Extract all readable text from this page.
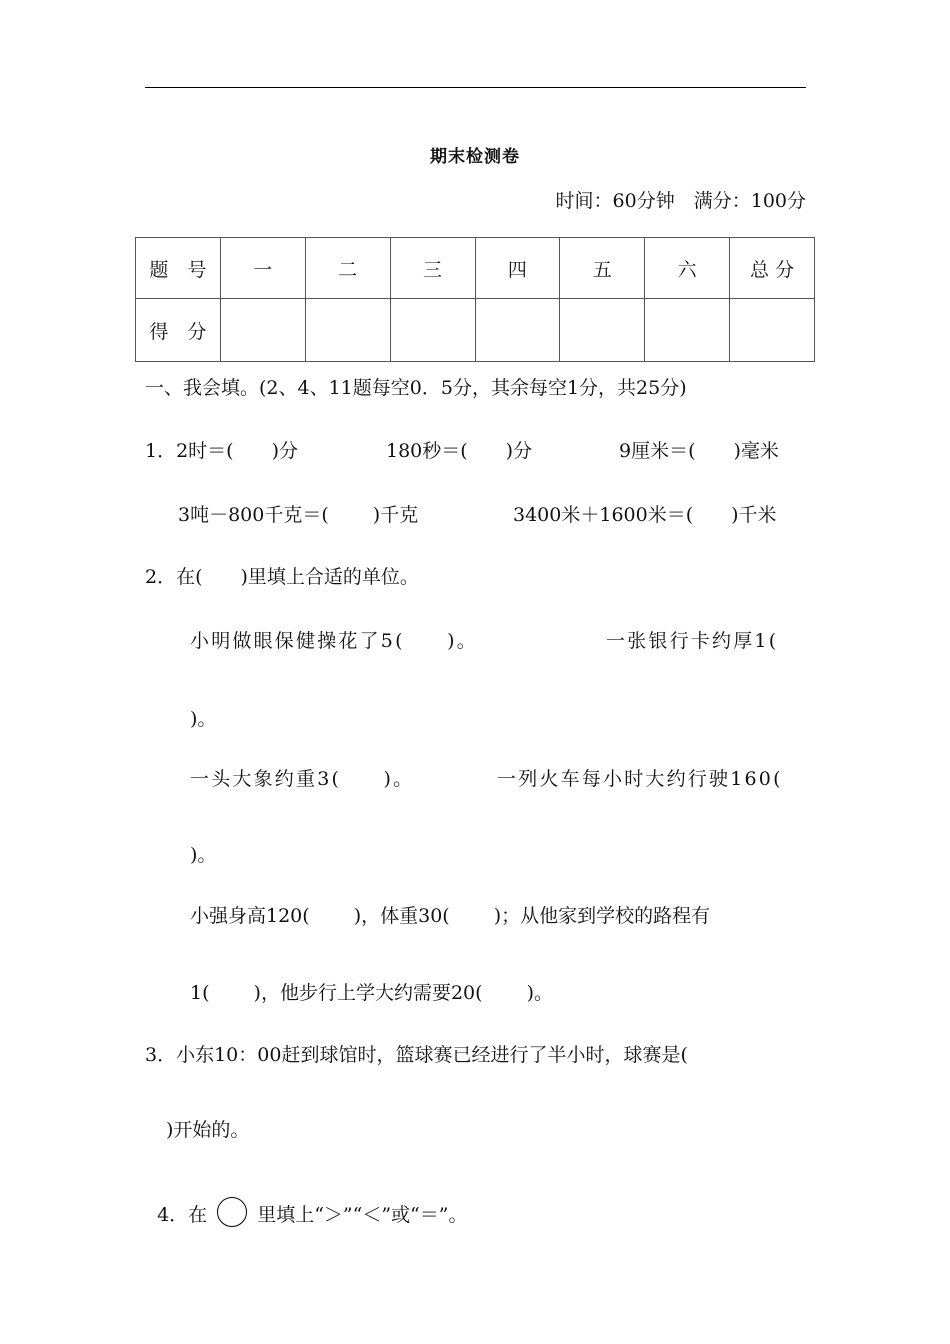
期末检测卷
时间：60分钟　满分：100分
题　号	一	二	三	四	五	六	总 分
得　分							
一、我会填。(2、4、11题每空0．5分，其余每空1分，共25分)
1．2时＝(　　)分	180秒＝(　　)分	9厘米＝(　　)毫米
3吨－800千克＝(　　 )千克	3400米＋1600米＝(　　)千米
2．在(　　)里填上合适的单位。
小明做眼保健操花了5(　　)。	一张银行卡约厚1(
)。
一头大象约重3(　　)。	一列火车每小时大约行驶160(
)。
小强身高120(　　 )，体重30(　　 )；从他家到学校的路程有
1(　　 )，他步行上学大约需要20(　　 )。
3．小东10：00赶到球馆时，篮球赛已经进行了半小时，球赛是(
)开始的。

4．在	里填上“＞”“＜”或“＝”。
